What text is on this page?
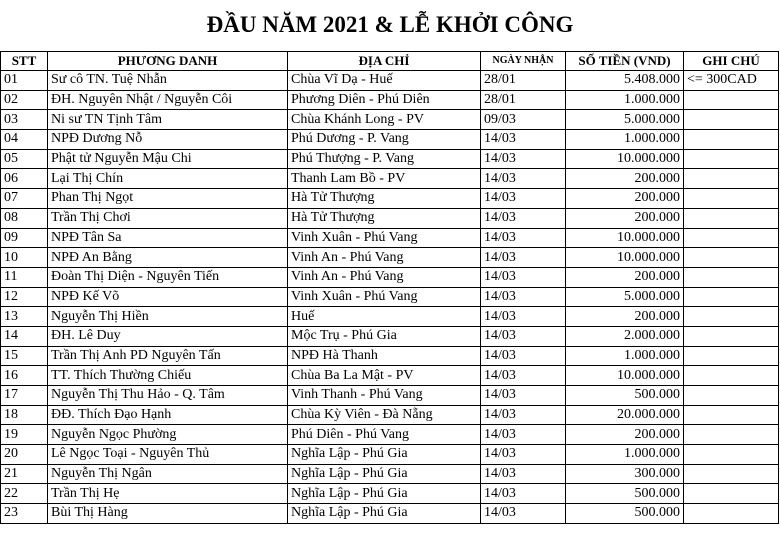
ĐẦU NĂM 2021 & LỄ KHỞI CÔNG
STT	PHƯƠNG DANH	ĐỊA CHỈ	NGÀY NHẬN	SỐ TIỀN (VND)	GHI CHÚ
01	Sư cô TN. Tuệ Nhẫn	Chùa Vĩ Dạ - Huế	28/01	5.408.000	<= 300CAD
02	ĐH. Nguyên Nhật / Nguyễn Côi	Phương Diên - Phú Diên	28/01	1.000.000	
03	Ni sư TN Tịnh Tâm	Chùa Khánh Long - PV	09/03	5.000.000	
04	NPĐ Dương Nỗ	Phú Dương - P. Vang	14/03	1.000.000	
05	Phật tử Nguyễn Mậu Chi	Phú Thượng - P. Vang	14/03	10.000.000	
06	Lại Thị Chín	Thanh Lam Bồ - PV	14/03	200.000	
07	Phan Thị Ngọt	Hà Tử Thượng	14/03	200.000	
08	Trần Thị Chơi	Hà Tử Thượng	14/03	200.000	
09	NPĐ Tân Sa	Vinh Xuân - Phú Vang	14/03	10.000.000	
10	NPĐ An Bằng	Vinh An - Phú Vang	14/03	10.000.000	
11	Đoàn Thị Diện - Nguyên Tiến	Vinh An - Phú Vang	14/03	200.000	
12	NPĐ Kế Võ	Vinh Xuân - Phú Vang	14/03	5.000.000	
13	Nguyễn Thị Hiền	Huế	14/03	200.000	
14	ĐH. Lê Duy	Mộc Trụ - Phú Gia	14/03	2.000.000	
15	Trần Thị Anh PD Nguyên Tấn	NPĐ Hà Thanh	14/03	1.000.000	
16	TT. Thích Thường Chiếu	Chùa Ba La Mật - PV	14/03	10.000.000	
17	Nguyễn Thị Thu Hảo - Q. Tâm	Vinh Thanh - Phú Vang	14/03	500.000	
18	ĐĐ. Thích Đạo Hạnh	Chùa Kỳ Viên - Đà Nẵng	14/03	20.000.000	
19	Nguyễn Ngọc Phường	Phú Diên - Phú Vang	14/03	200.000	
20	Lê Ngọc Toại - Nguyên Thủ	Nghĩa Lập - Phú Gia	14/03	1.000.000	
21	Nguyễn Thị Ngân	Nghĩa Lập - Phú Gia	14/03	300.000	
22	Trần Thị Hẹ	Nghĩa Lập - Phú Gia	14/03	500.000	
23	Bùi Thị Hàng	Nghĩa Lập - Phú Gia	14/03	500.000	
